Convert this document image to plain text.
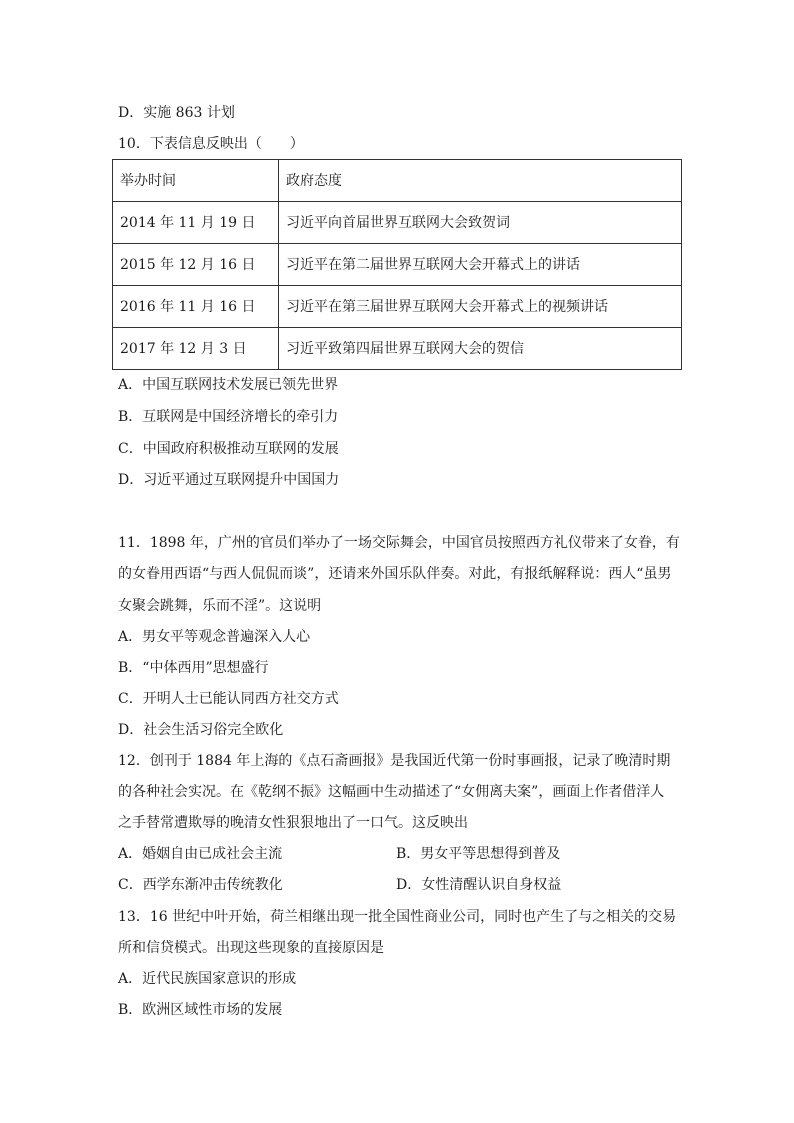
D．实施 863 计划
10．下表信息反映出（　　）
举办时间	政府态度
2014 年 11 月 19 日	习近平向首届世界互联网大会致贺词
2015 年 12 月 16 日	习近平在第二届世界互联网大会开幕式上的讲话
2016 年 11 月 16 日	习近平在第三届世界互联网大会开幕式上的视频讲话
2017 年 12 月 3 日	习近平致第四届世界互联网大会的贺信
A．中国互联网技术发展已领先世界
B．互联网是中国经济增长的牵引力
C．中国政府积极推动互联网的发展
D．习近平通过互联网提升中国国力
11．1898 年，广州的官员们举办了一场交际舞会，中国官员按照西方礼仪带来了女眷，有
的女眷用西语“与西人侃侃而谈”，还请来外国乐队伴奏。对此，有报纸解释说：西人“虽男
女聚会跳舞，乐而不淫”。这说明
A．男女平等观念普遍深入人心
B．“中体西用”思想盛行
C．开明人士已能认同西方社交方式
D．社会生活习俗完全欧化
12．创刊于 1884 年上海的《点石斋画报》是我国近代第一份时事画报，记录了晚清时期
的各种社会实况。在《乾纲不振》这幅画中生动描述了“女佣离夫案”，画面上作者借洋人
之手替常遭欺辱的晚清女性狠狠地出了一口气。这反映出
A．婚姻自由已成社会主流	B．男女平等思想得到普及
C．西学东渐冲击传统教化	D．女性清醒认识自身权益
13．16 世纪中叶开始，荷兰相继出现一批全国性商业公司，同时也产生了与之相关的交易
所和信贷模式。出现这些现象的直接原因是
A．近代民族国家意识的形成
B．欧洲区域性市场的发展
